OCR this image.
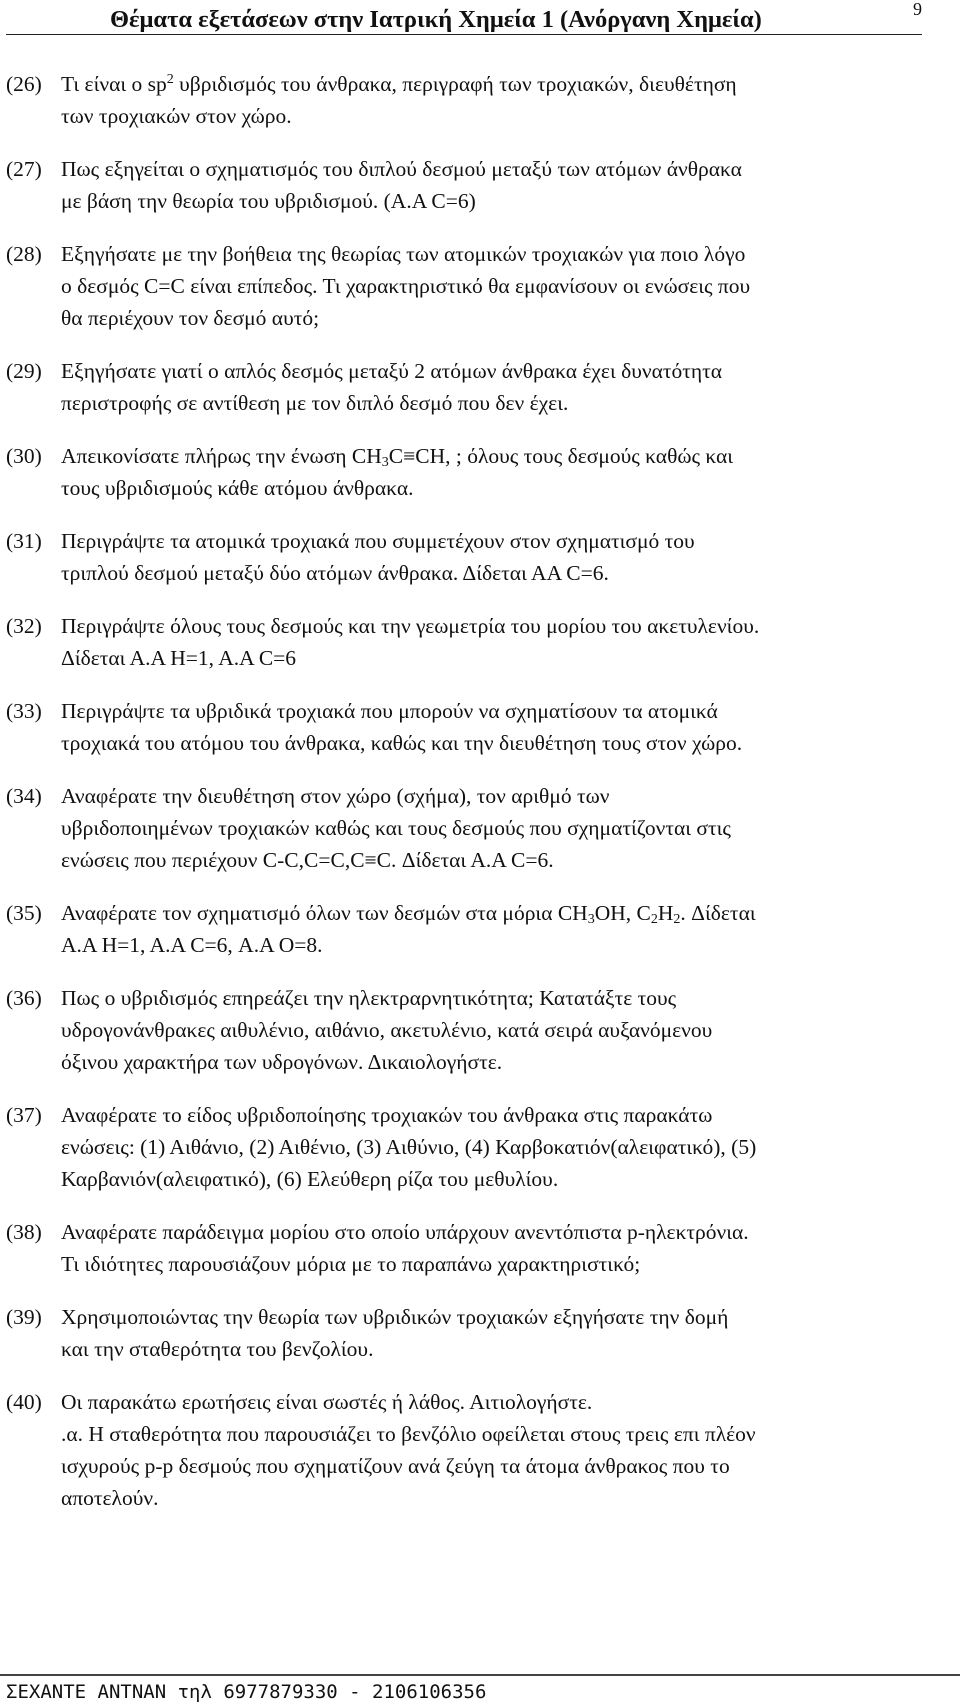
Θέματα εξετάσεων στην Ιατρική Χημεία 1 (Ανόργανη Χημεία)	9
(26) Τι είναι ο $sp^2$ υβριδισμός του άνθρακα, περιγραφή των τροχιακών, διευθέτηση
των τροχιακών στον χώρο.
(27) Πως εξηγείται ο σχηματισμός του διπλού δεσμού μεταξύ των ατόμων άνθρακα
με βάση την θεωρία του υβριδισμού. (Α.Α C=6)
(28) Εξηγήσατε με την βοήθεια της θεωρίας των ατομικών τροχιακών για ποιο λόγο
ο δεσμός C=C είναι επίπεδος. Τι χαρακτηριστικό θα εμφανίσουν οι ενώσεις που
θα περιέχουν τον δεσμό αυτό;
(29) Εξηγήσατε γιατί ο απλός δεσμός μεταξύ 2 ατόμων άνθρακα έχει δυνατότητα
περιστροφής σε αντίθεση με τον διπλό δεσμό που δεν έχει.
(30) Απεικονίσατε πλήρως την ένωση $CH_3C\equiv CH$, ; όλους τους δεσμούς καθώς και
τους υβριδισμούς κάθε ατόμου άνθρακα.
(31) Περιγράψτε τα ατομικά τροχιακά που συμμετέχουν στον σχηματισμό του
τριπλού δεσμού μεταξύ δύο ατόμων άνθρακα. Δίδεται ΑΑ C=6.
(32) Περιγράψτε όλους τους δεσμούς και την γεωμετρία του μορίου του ακετυλενίου.
Δίδεται Α.Α Η=1, Α.Α C=6
(33) Περιγράψτε τα υβριδικά τροχιακά που μπορούν να σχηματίσουν τα ατομικά
τροχιακά του ατόμου του άνθρακα, καθώς και την διευθέτηση τους στον χώρο.
(34) Αναφέρατε την διευθέτηση στον χώρο (σχήμα), τον αριθμό των
υβριδοποιημένων τροχιακών καθώς και τους δεσμούς που σχηματίζονται στις
ενώσεις που περιέχουν C-C,C=C,C≡C. Δίδεται Α.Α C=6.
(35) Αναφέρατε τον σχηματισμό όλων των δεσμών στα μόρια $CH_3OH$, $C_2H_2$. Δίδεται
Α.Α Η=1, Α.Α C=6, Α.Α O=8.
(36) Πως ο υβριδισμός επηρεάζει την ηλεκτραρνητικότητα; Κατατάξτε τους
υδρογονάνθρακες αιθυλένιο, αιθάνιο, ακετυλένιο, κατά σειρά αυξανόμενου
όξινου χαρακτήρα των υδρογόνων. Δικαιολογήστε.
(37) Αναφέρατε το είδος υβριδοποίησης τροχιακών του άνθρακα στις παρακάτω
ενώσεις: (1) Αιθάνιο, (2) Αιθένιο, (3) Αιθύνιο, (4) Καρβοκατιόν(αλειφατικό), (5)
Καρβανιόν(αλειφατικό), (6) Ελεύθερη ρίζα του μεθυλίου.
(38) Αναφέρατε παράδειγμα μορίου στο οποίο υπάρχουν ανεντόπιστα p-ηλεκτρόνια.
Τι ιδιότητες παρουσιάζουν μόρια με το παραπάνω χαρακτηριστικό;
(39) Χρησιμοποιώντας την θεωρία των υβριδικών τροχιακών εξηγήσατε την δομή
και την σταθερότητα του βενζολίου.
(40) Οι παρακάτω ερωτήσεις είναι σωστές ή λάθος. Αιτιολογήστε.
.α. Η σταθερότητα που παρουσιάζει το βενζόλιο οφείλεται στους τρεις επι πλέον
ισχυρούς p-p δεσμούς που σχηματίζουν ανά ζεύγη τα άτομα άνθρακος που το
αποτελούν.
ΣΕΧΑΝΤΕ ΑΝΤΝΑΝ τηλ 6977879330 - 2106106356
